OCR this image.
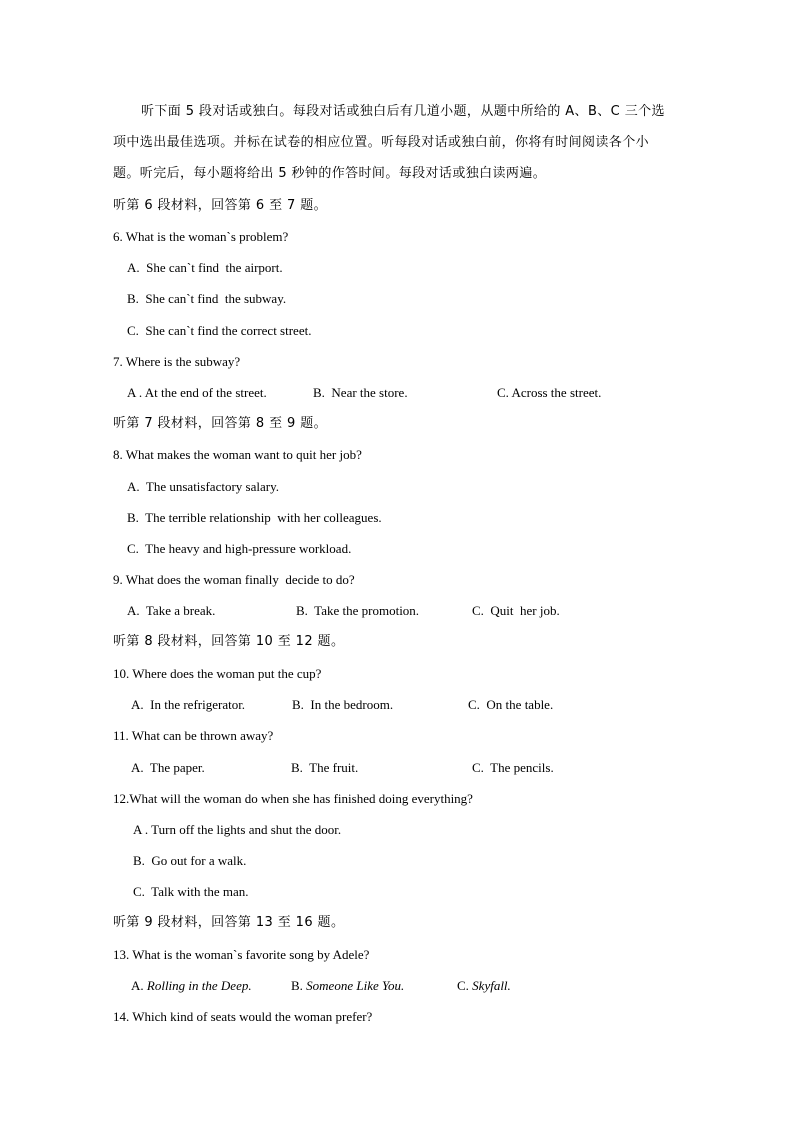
听下面 5 段对话或独白。每段对话或独白后有几道小题，从题中所给的 A、B、C 三个选
项中选出最佳选项。并标在试卷的相应位置。听每段对话或独白前，你将有时间阅读各个小
题。听完后，每小题将给出 5 秒钟的作答时间。每段对话或独白读两遍。
听第 6 段材料，回答第 6 至 7 题。
6. What is the woman`s problem?
A.  She can`t find  the airport.
B.  She can`t find  the subway.
C.  She can`t find the correct street.
7. Where is the subway?
A . At the end of the street.	B.  Near the store.	C. Across the street.
听第 7 段材料，回答第 8 至 9 题。
8. What makes the woman want to quit her job?
A.  The unsatisfactory salary.
B.  The terrible relationship  with her colleagues.
C.  The heavy and high-pressure workload.
9. What does the woman finally  decide to do?
A.  Take a break.	B.  Take the promotion.	C.  Quit  her job.
听第 8 段材料，回答第 10 至 12 题。
10. Where does the woman put the cup?
A.  In the refrigerator.	B.  In the bedroom.	C.  On the table.
11. What can be thrown away?
A.  The paper.	B.  The fruit.	C.  The pencils.
12.What will the woman do when she has finished doing everything?
A . Turn off the lights and shut the door.
B.  Go out for a walk.
C.  Talk with the man.
听第 9 段材料，回答第 13 至 16 题。
13. What is the woman`s favorite song by Adele?
A. Rolling in the Deep.	B. Someone Like You.	C. Skyfall.
14. Which kind of seats would the woman prefer?
